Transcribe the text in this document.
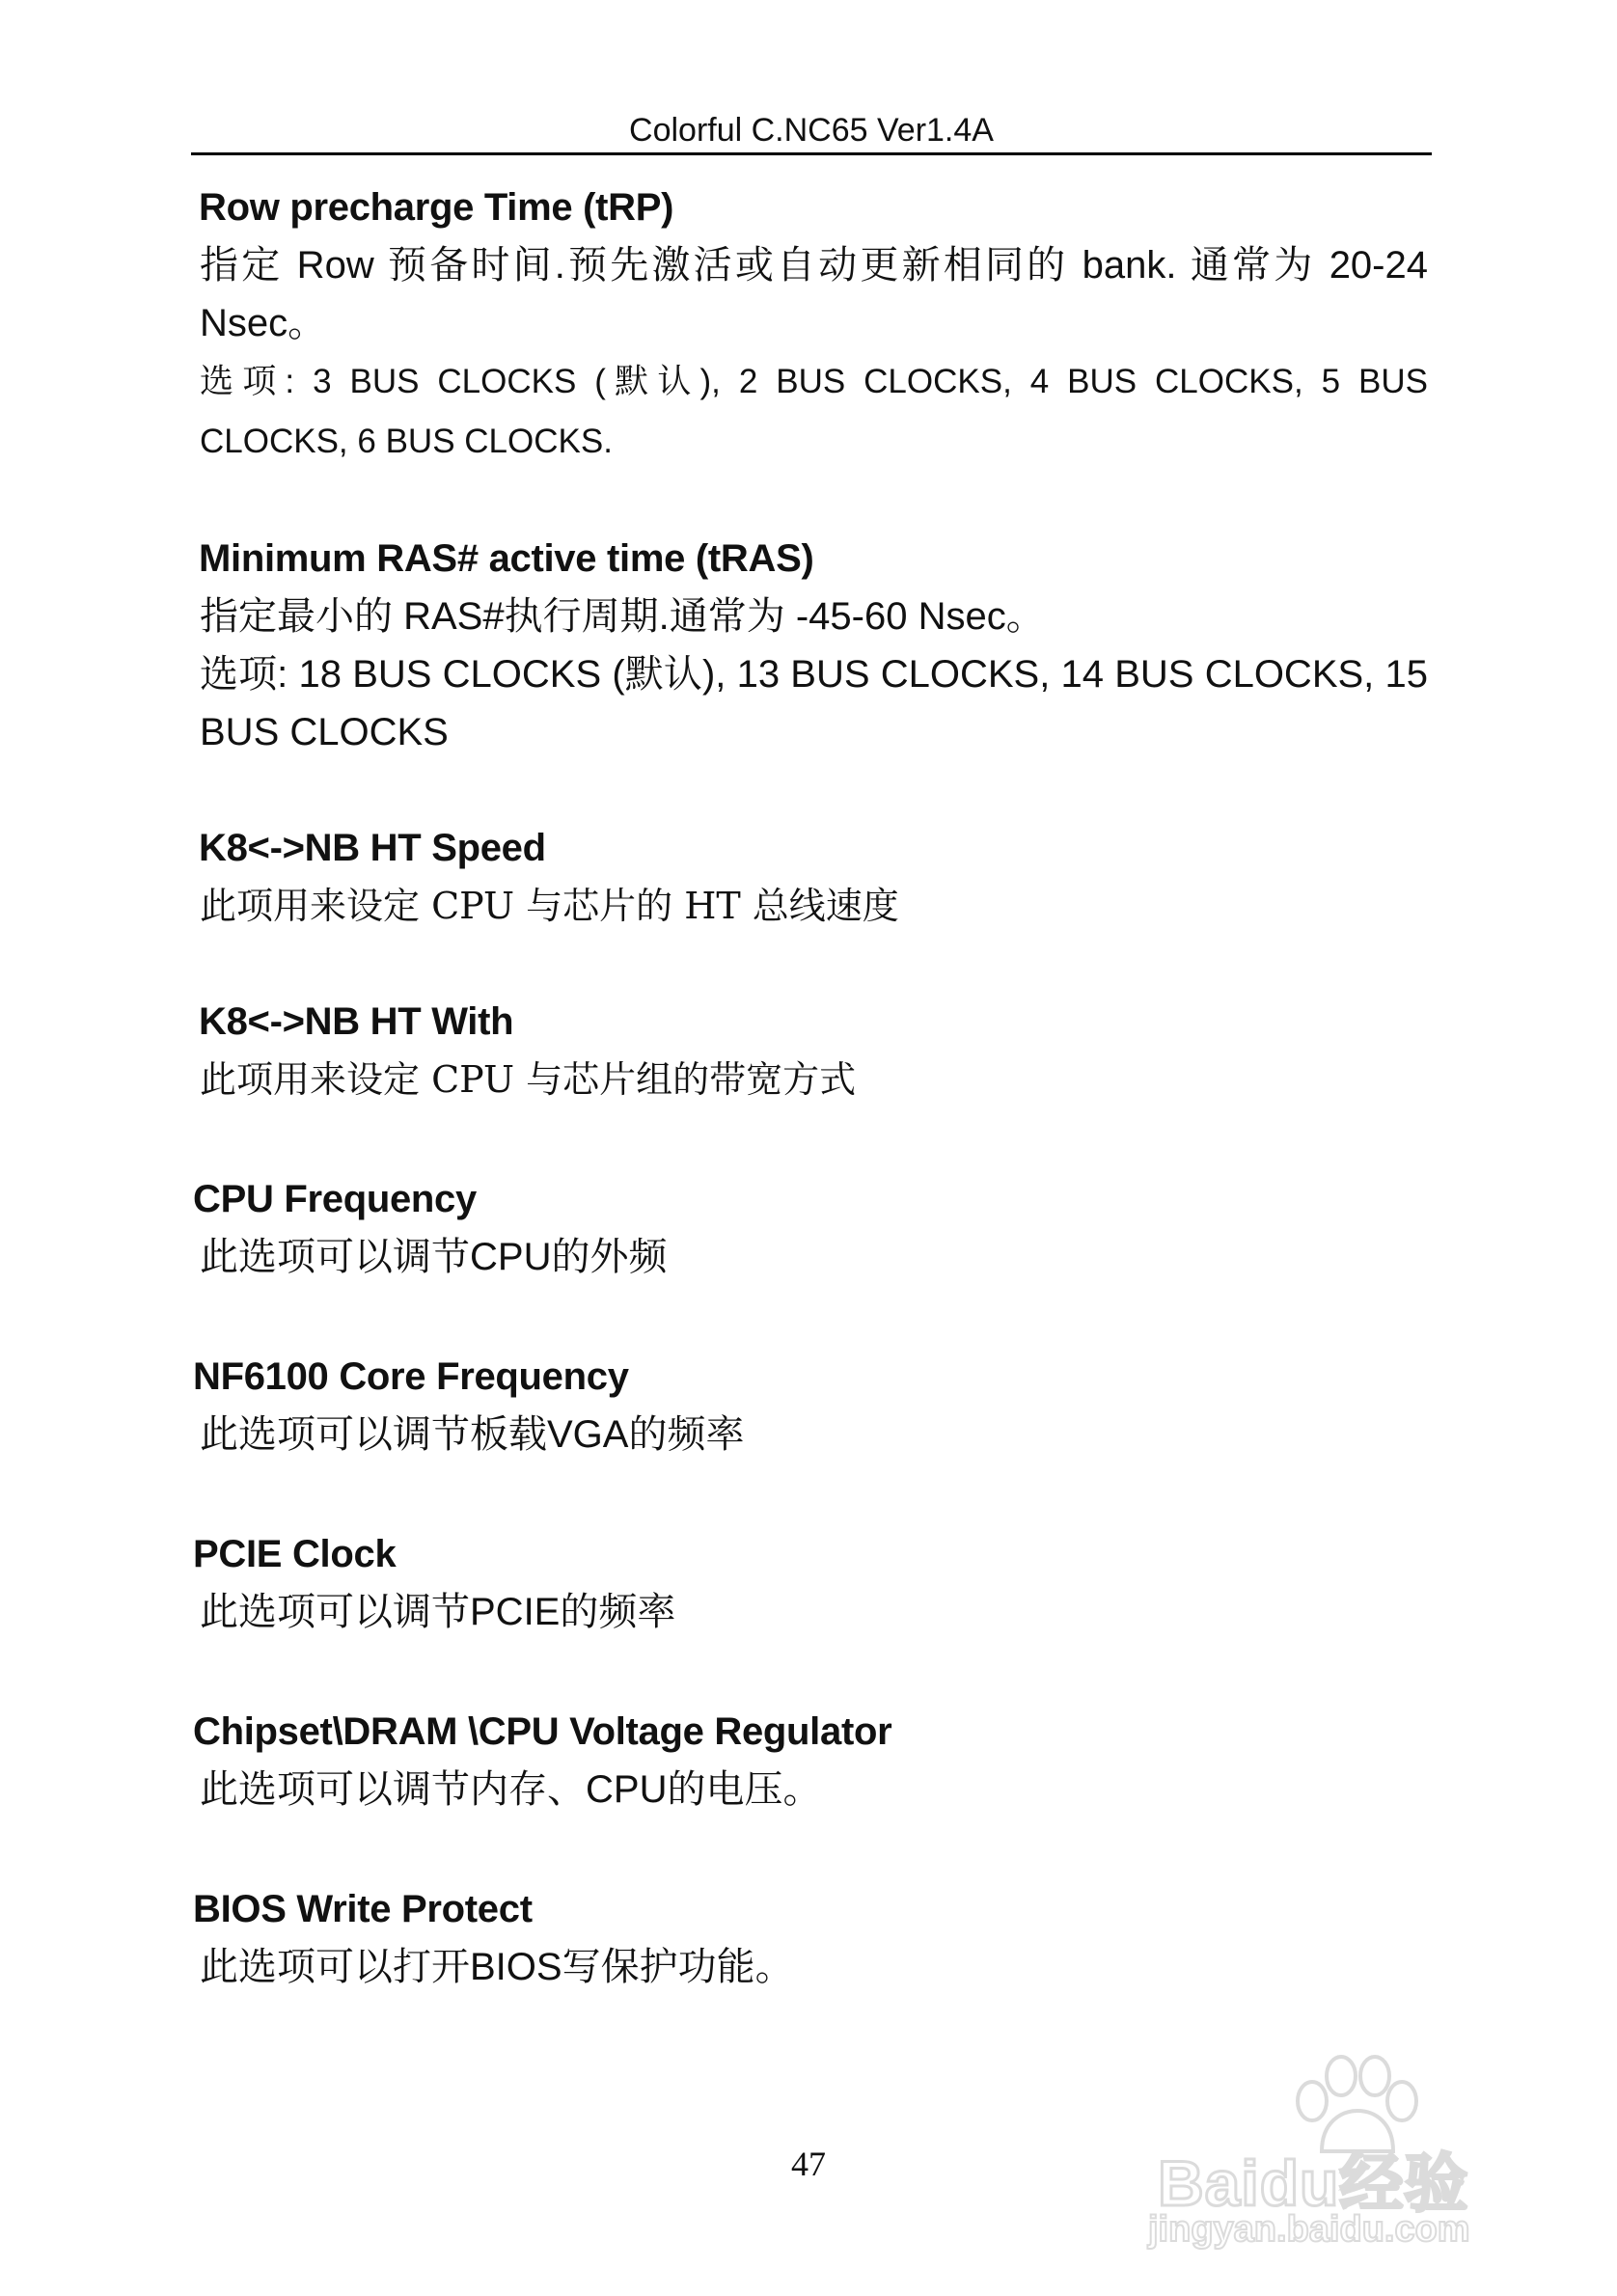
Colorful C.NC65 Ver1.4A
Row precharge Time (tRP)
指定 Row 预备时间.预先激活或自动更新相同的 bank. 通常为 20-24 Nsec。
选项: 3 BUS CLOCKS (默认), 2 BUS CLOCKS, 4 BUS CLOCKS, 5 BUS CLOCKS, 6 BUS CLOCKS.
Minimum RAS# active time (tRAS)
指定最小的 RAS#执行周期.通常为 -45-60 Nsec。
选项: 18 BUS CLOCKS (默认), 13 BUS CLOCKS, 14 BUS CLOCKS, 15 BUS CLOCKS
K8<->NB HT Speed
此项用来设定 CPU 与芯片的 HT 总线速度
K8<->NB HT With
此项用来设定 CPU 与芯片组的带宽方式
CPU Frequency
此选项可以调节CPU的外频
NF6100 Core Frequency
此选项可以调节板载VGA的频率
PCIE Clock
此选项可以调节PCIE的频率
Chipset\DRAM \CPU Voltage Regulator
此选项可以调节内存、CPU的电压。
BIOS Write Protect
此选项可以打开BIOS写保护功能。
47	Baidu经验
jingyan.baidu.com
